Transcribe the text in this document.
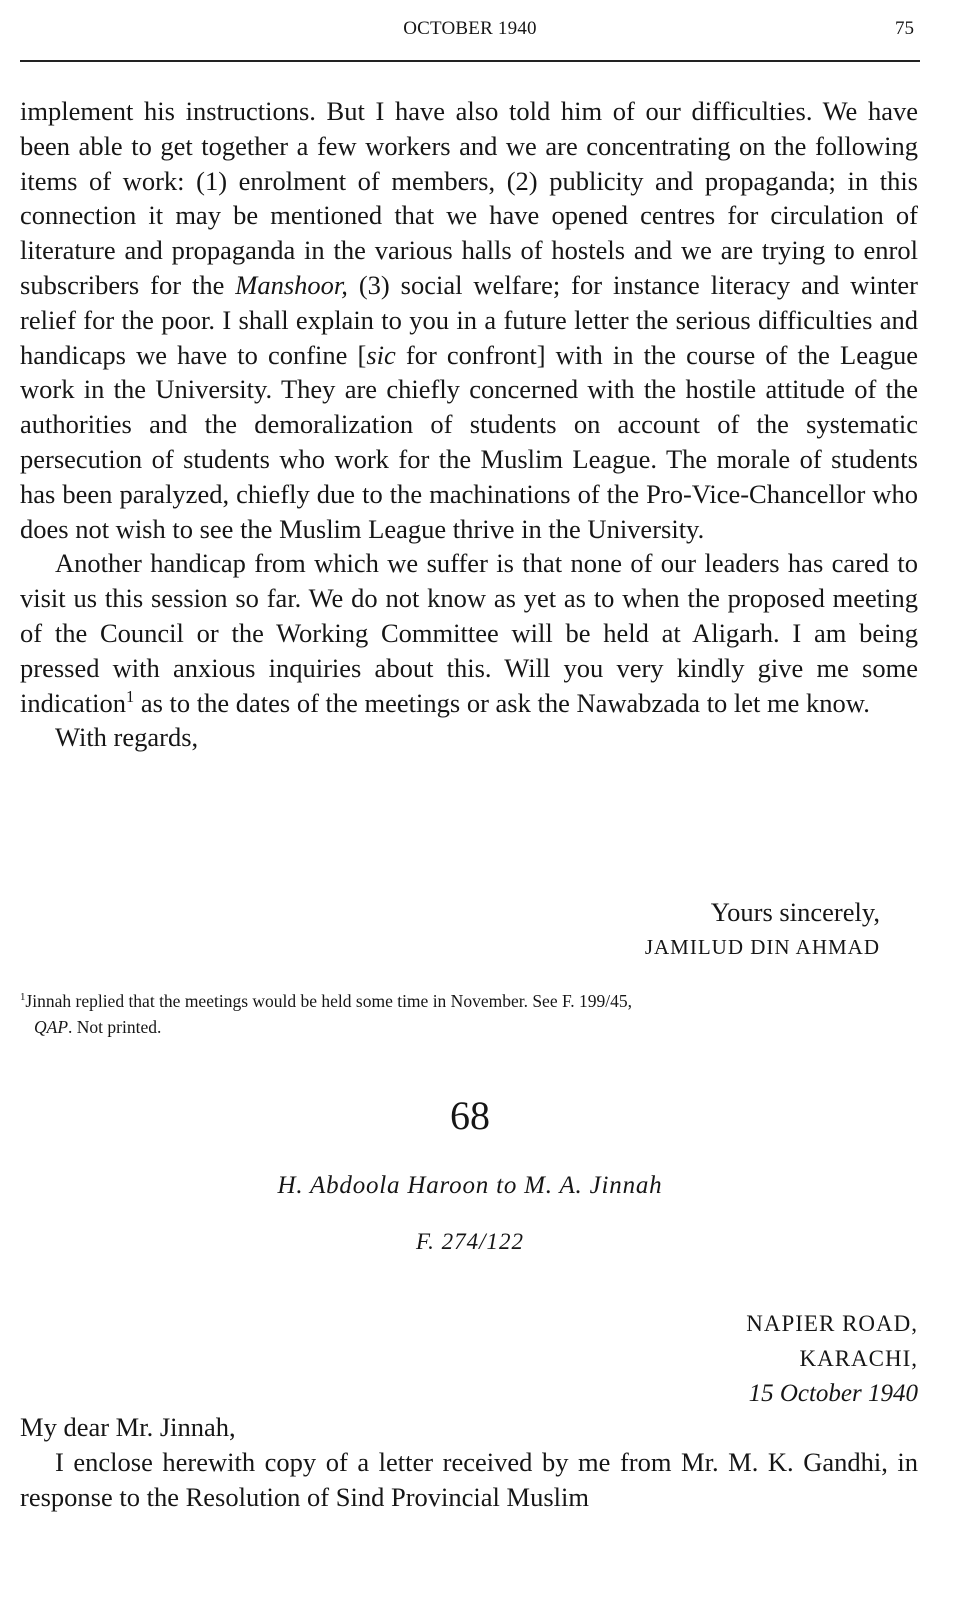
OCTOBER 1940	75

implement his instructions. But I have also told him of our difficulties. We have been able to get together a few workers and we are concentrating on the following items of work: (1) enrolment of members, (2) publicity and propaganda; in this connection it may be mentioned that we have opened centres for circulation of literature and propaganda in the various halls of hostels and we are trying to enrol subscribers for the Manshoor, (3) social welfare; for instance literacy and winter relief for the poor. I shall explain to you in a future letter the serious difficulties and handicaps we have to confine [sic for confront] with in the course of the League work in the University. They are chiefly concerned with the hostile attitude of the authorities and the demoralization of students on account of the systematic persecution of students who work for the Muslim League. The morale of students has been paralyzed, chiefly due to the machinations of the Pro-Vice-Chancellor who does not wish to see the Muslim League thrive in the University.

Another handicap from which we suffer is that none of our leaders has cared to visit us this session so far. We do not know as yet as to when the proposed meeting of the Council or the Working Committee will be held at Aligarh. I am being pressed with anxious inquiries about this. Will you very kindly give me some indication$^1$ as to the dates of the meetings or ask the Nawabzada to let me know.

With regards,

Yours sincerely,
JAMILUD DIN AHMAD
$^1$Jinnah replied that the meetings would be held some time in November. See F. 199/45,
QAP. Not printed.
68
H. Abdoola Haroon to M. A. Jinnah
F. 274/122
NAPIER ROAD,
KARACHI,
15 October 1940

My dear Mr. Jinnah,

I enclose herewith copy of a letter received by me from Mr. M. K. Gandhi, in response to the Resolution of Sind Provincial Muslim
